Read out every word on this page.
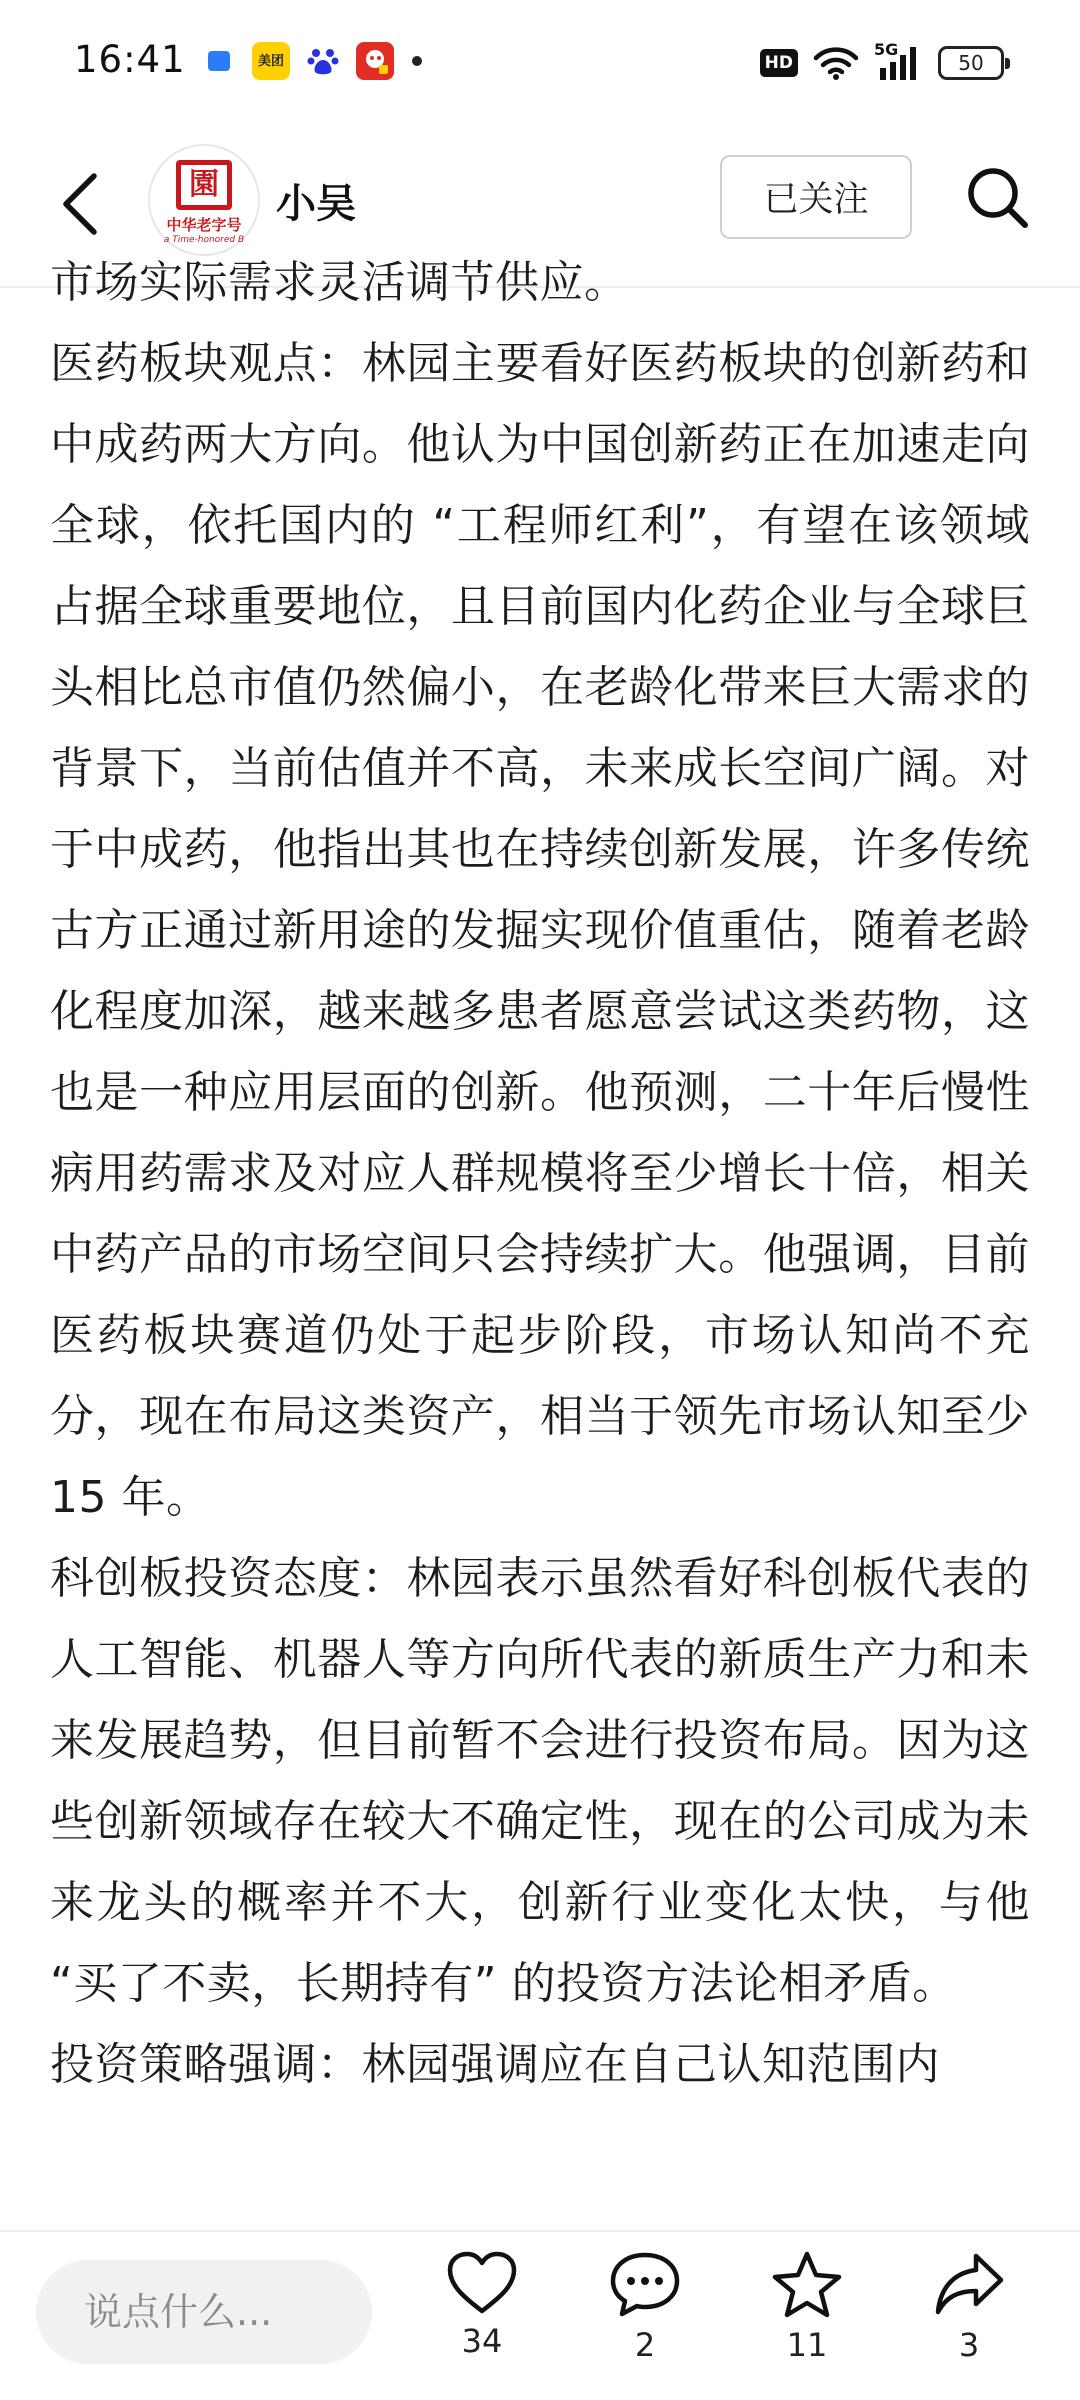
16:41	美团	HD
5G
50
園
中华老字号
a Time-honored B
小吴	已关注

市场实际需求灵活调节供应。

医药板块观点：林园主要看好医药板块的创新药和中成药两大方向。他认为中国创新药正在加速走向全球，依托国内的 “工程师红利”，有望在该领域占据全球重要地位，且目前国内化药企业与全球巨头相比总市值仍然偏小，在老龄化带来巨大需求的背景下，当前估值并不高，未来成长空间广阔。对于中成药，他指出其也在持续创新发展，许多传统古方正通过新用途的发掘实现价值重估，随着老龄化程度加深，越来越多患者愿意尝试这类药物，这也是一种应用层面的创新。他预测，二十年后慢性病用药需求及对应人群规模将至少增长十倍，相关中药产品的市场空间只会持续扩大。他强调，目前医药板块赛道仍处于起步阶段，市场认知尚不充分，现在布局这类资产，相当于领先市场认知至少 15 年。

科创板投资态度：林园表示虽然看好科创板代表的人工智能、机器人等方向所代表的新质生产力和未来发展趋势，但目前暂不会进行投资布局。因为这些创新领域存在较大不确定性，现在的公司成为未来龙头的概率并不大，创新行业变化太快，与他 “买了不卖，长期持有” 的投资方法论相矛盾。

投资策略强调：林园强调应在自己认知范围内

说点什么...
34	2	11	3
